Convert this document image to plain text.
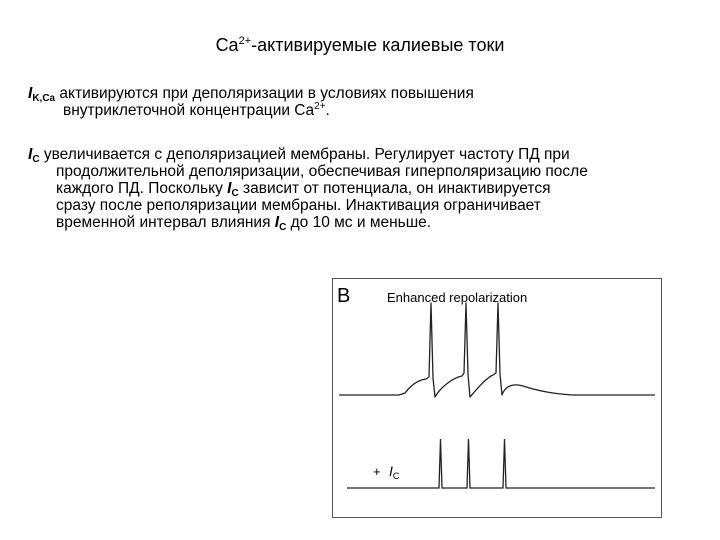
$Ca^{2+}$-активируемые калиевые токи
$I_{K,Ca}$ активируются при деполяризации в условиях повышения
внутриклеточной концентрации $Ca^{2+}$.
$I_C$ увеличивается с деполяризацией мембраны. Регулирует частоту ПД при
продолжительной деполяризации, обеспечивая гиперполяризацию после
каждого ПД. Поскольку $I_C$ зависит от потенциала, он инактивируется
сразу после реполяризации мембраны. Инактивация ограничивает
временной интервал влияния $I_C$ до 10 мс и меньше.
B	Enhanced repolarization
+ $I_C$
